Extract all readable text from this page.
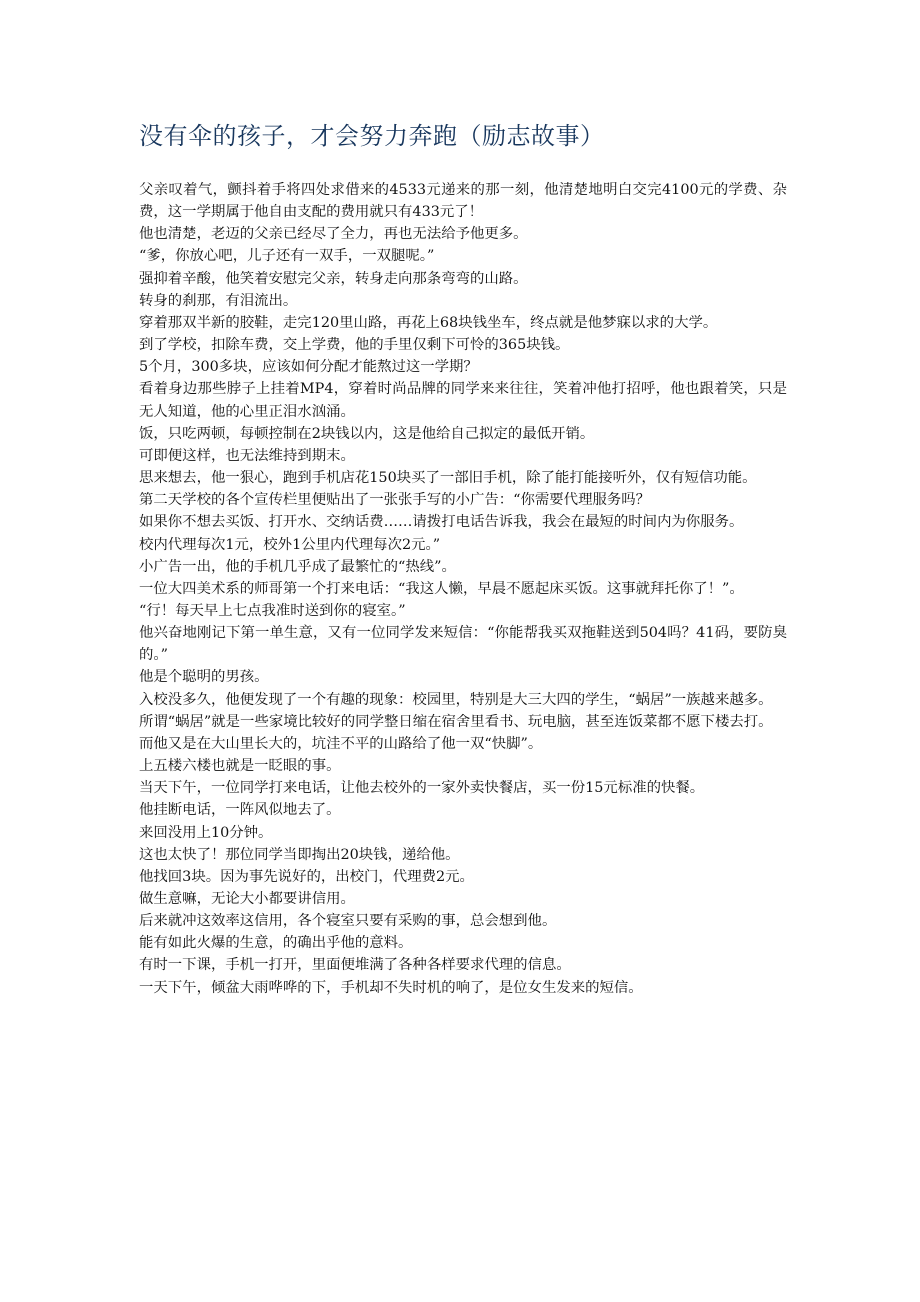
没有伞的孩子，才会努力奔跑（励志故事）

父亲叹着气，颤抖着手将四处求借来的4533元递来的那一刻，他清楚地明白交完4100元的学费、杂费，这一学期属于他自由支配的费用就只有433元了！

他也清楚，老迈的父亲已经尽了全力，再也无法给予他更多。

“爹，你放心吧，儿子还有一双手，一双腿呢。”

强抑着辛酸，他笑着安慰完父亲，转身走向那条弯弯的山路。

转身的刹那，有泪流出。

穿着那双半新的胶鞋，走完120里山路，再花上68块钱坐车，终点就是他梦寐以求的大学。

到了学校，扣除车费，交上学费，他的手里仅剩下可怜的365块钱。

5个月，300多块，应该如何分配才能熬过这一学期？

看着身边那些脖子上挂着MP4，穿着时尚品牌的同学来来往往，笑着冲他打招呼，他也跟着笑，只是无人知道，他的心里正泪水汹涌。

饭，只吃两顿，每顿控制在2块钱以内，这是他给自己拟定的最低开销。

可即便这样，也无法维持到期末。

思来想去，他一狠心，跑到手机店花150块买了一部旧手机，除了能打能接听外，仅有短信功能。

第二天学校的各个宣传栏里便贴出了一张张手写的小广告：“你需要代理服务吗？

如果你不想去买饭、打开水、交纳话费……请拨打电话告诉我，我会在最短的时间内为你服务。

校内代理每次1元，校外1公里内代理每次2元。”

小广告一出，他的手机几乎成了最繁忙的“热线”。

一位大四美术系的师哥第一个打来电话：“我这人懒，早晨不愿起床买饭。这事就拜托你了！”。

“行！每天早上七点我准时送到你的寝室。”

他兴奋地刚记下第一单生意，又有一位同学发来短信：“你能帮我买双拖鞋送到504吗？41码，要防臭的。”

他是个聪明的男孩。

入校没多久，他便发现了一个有趣的现象：校园里，特别是大三大四的学生，“蜗居”一族越来越多。

所谓“蜗居”就是一些家境比较好的同学整日缩在宿舍里看书、玩电脑，甚至连饭菜都不愿下楼去打。

而他又是在大山里长大的，坑洼不平的山路给了他一双“快脚”。

上五楼六楼也就是一眨眼的事。

当天下午，一位同学打来电话，让他去校外的一家外卖快餐店，买一份15元标准的快餐。

他挂断电话，一阵风似地去了。

来回没用上10分钟。

这也太快了！那位同学当即掏出20块钱，递给他。

他找回3块。因为事先说好的，出校门，代理费2元。

做生意嘛，无论大小都要讲信用。

后来就冲这效率这信用，各个寝室只要有采购的事，总会想到他。

能有如此火爆的生意，的确出乎他的意料。

有时一下课，手机一打开，里面便堆满了各种各样要求代理的信息。

一天下午，倾盆大雨哗哗的下，手机却不失时机的响了，是位女生发来的短信。
